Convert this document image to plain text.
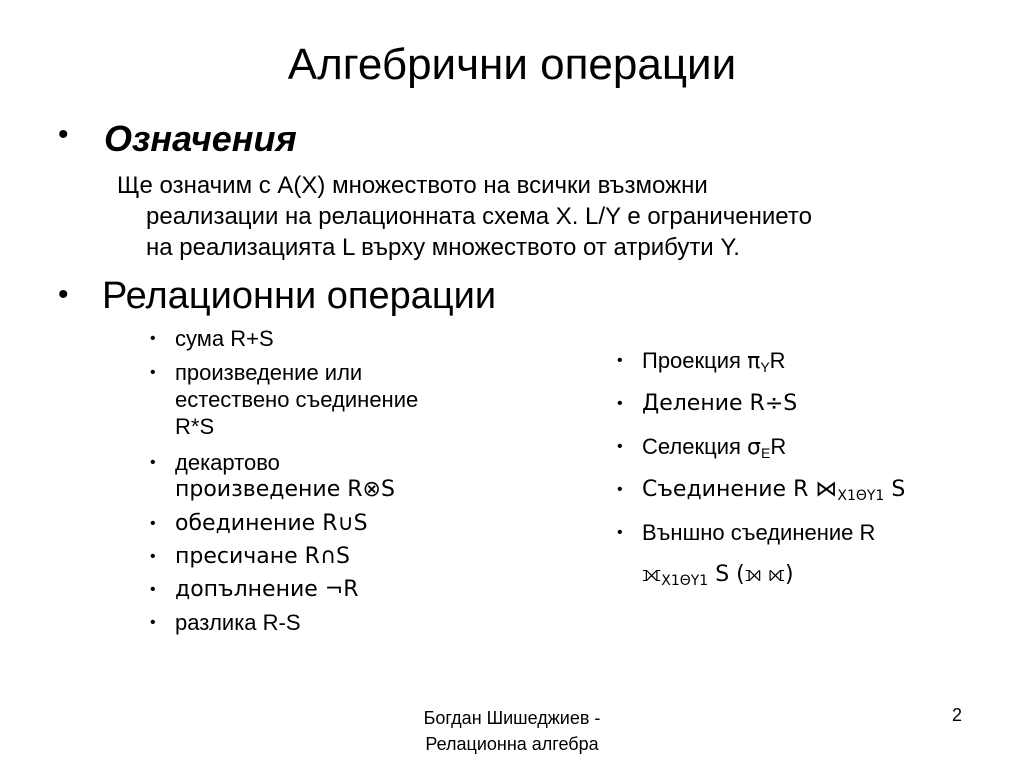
Алгебрични операции
• Означения
Ще означим с A(X) множеството на всички възможни
реализации на релационната схема X. L/Y е ограничението
на реализацията L върху множеството от атрибути Y.
• Релационни операции
• сума R+S
• произведение или
естествено съединение
R*S
• декартово
произведение R⊗S
• обединение R∪S
• пресичане R∩S
• допълнение ¬R
• разлика R-S
• Проекция $\pi_YR$
• Деление R÷S
• Селекция $\sigma_ER$
• Съединение R $⋈_{X1\Theta Y1}$ S
• Външно съединение R
$⟗_{X1\Theta Y1}$ S (⟕ ⟖)
Богдан Шишеджиев -
Релационна алгебра
2
